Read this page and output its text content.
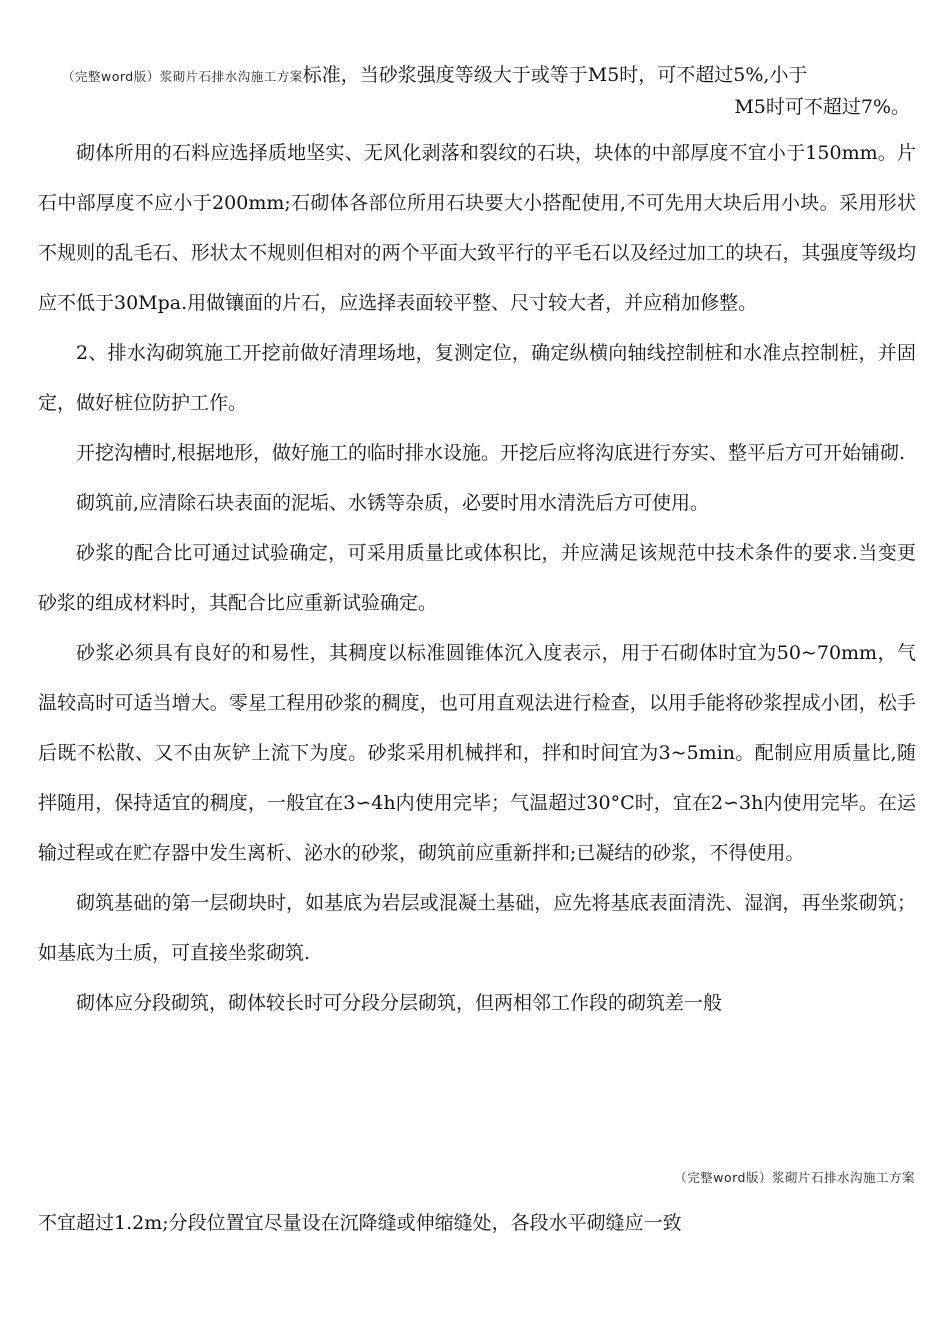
（完整word版）浆砌片石排水沟施工方案标准，当砂浆强度等级大于或等于M5时，可不超过5%,小于
M5时可不超过7%。

砌体所用的石料应选择质地坚实、无风化剥落和裂纹的石块，块体的中部厚度不宜小于150mm。片石中部厚度不应小于200mm;石砌体各部位所用石块要大小搭配使用,不可先用大块后用小块。采用形状不规则的乱毛石、形状太不规则但相对的两个平面大致平行的平毛石以及经过加工的块石，其强度等级均应不低于30Mpa.用做镶面的片石，应选择表面较平整、尺寸较大者，并应稍加修整。

2、排水沟砌筑施工开挖前做好清理场地，复测定位，确定纵横向轴线控制桩和水准点控制桩，并固定，做好桩位防护工作。

开挖沟槽时,根据地形，做好施工的临时排水设施。开挖后应将沟底进行夯实、整平后方可开始铺砌.

砌筑前,应清除石块表面的泥垢、水锈等杂质，必要时用水清洗后方可使用。

砂浆的配合比可通过试验确定，可采用质量比或体积比，并应满足该规范中技术条件的要求.当变更砂浆的组成材料时，其配合比应重新试验确定。

砂浆必须具有良好的和易性，其稠度以标准圆锥体沉入度表示，用于石砌体时宜为50~70mm，气温较高时可适当增大。零星工程用砂浆的稠度，也可用直观法进行检查，以用手能将砂浆捏成小团，松手后既不松散、又不由灰铲上流下为度。砂浆采用机械拌和，拌和时间宜为3~5min。配制应用质量比,随拌随用，保持适宜的稠度，一般宜在3∽4h内使用完毕；气温超过30°C时，宜在2∽3h内使用完毕。在运输过程或在贮存器中发生离析、泌水的砂浆，砌筑前应重新拌和;已凝结的砂浆，不得使用。

砌筑基础的第一层砌块时，如基底为岩层或混凝土基础，应先将基底表面清洗、湿润，再坐浆砌筑；如基底为土质，可直接坐浆砌筑.

砌体应分段砌筑，砌体较长时可分段分层砌筑，但两相邻工作段的砌筑差一般

（完整word版）浆砌片石排水沟施工方案
不宜超过1.2m;分段位置宜尽量设在沉降缝或伸缩缝处，各段水平砌缝应一致
